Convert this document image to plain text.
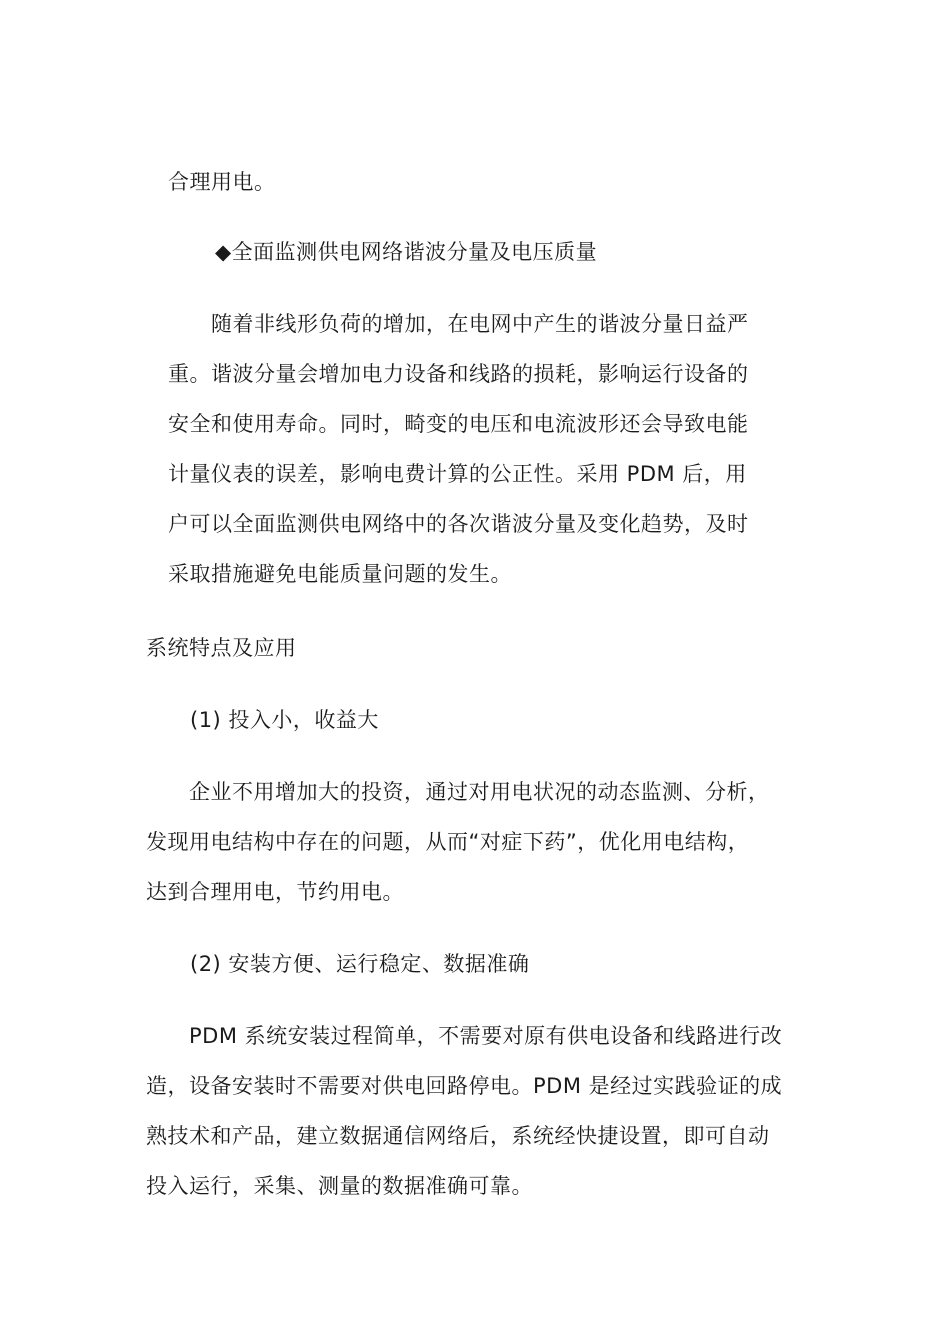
合理用电。

◆全面监测供电网络谐波分量及电压质量

随着非线形负荷的增加，在电网中产生的谐波分量日益严
重。谐波分量会增加电力设备和线路的损耗，影响运行设备的
安全和使用寿命。同时，畸变的电压和电流波形还会导致电能
计量仪表的误差，影响电费计算的公正性。采用 PDM 后，用
户可以全面监测供电网络中的各次谐波分量及变化趋势，及时
采取措施避免电能质量问题的发生。

系统特点及应用

(1) 投入小，收益大

企业不用增加大的投资，通过对用电状况的动态监测、分析，
发现用电结构中存在的问题，从而“对症下药”，优化用电结构，
达到合理用电，节约用电。

(2) 安装方便、运行稳定、数据准确

PDM 系统安装过程简单，不需要对原有供电设备和线路进行改
造，设备安装时不需要对供电回路停电。PDM 是经过实践验证的成
熟技术和产品，建立数据通信网络后，系统经快捷设置，即可自动
投入运行，采集、测量的数据准确可靠。
